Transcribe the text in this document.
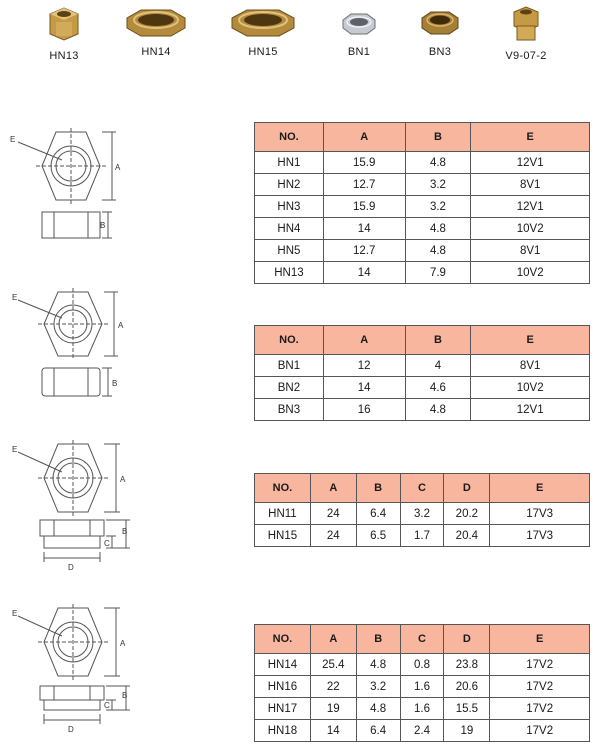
HN13	HN14	HN15	BN1	BN3	V9-07-2
E
A
B
E
A
B
E
A
B
C
D
E
A
B
C
D
NO.	A	B	E
HN1	15.9	4.8	12V1
HN2	12.7	3.2	8V1
HN3	15.9	3.2	12V1
HN4	14	4.8	10V2
HN5	12.7	4.8	8V1
HN13	14	7.9	10V2
NO.	A	B	E
BN1	12	4	8V1
BN2	14	4.6	10V2
BN3	16	4.8	12V1
NO.	A	B	C	D	E
HN11	24	6.4	3.2	20.2	17V3
HN15	24	6.5	1.7	20.4	17V3
NO.	A	B	C	D	E
HN14	25.4	4.8	0.8	23.8	17V2
HN16	22	3.2	1.6	20.6	17V2
HN17	19	4.8	1.6	15.5	17V2
HN18	14	6.4	2.4	19	17V2
